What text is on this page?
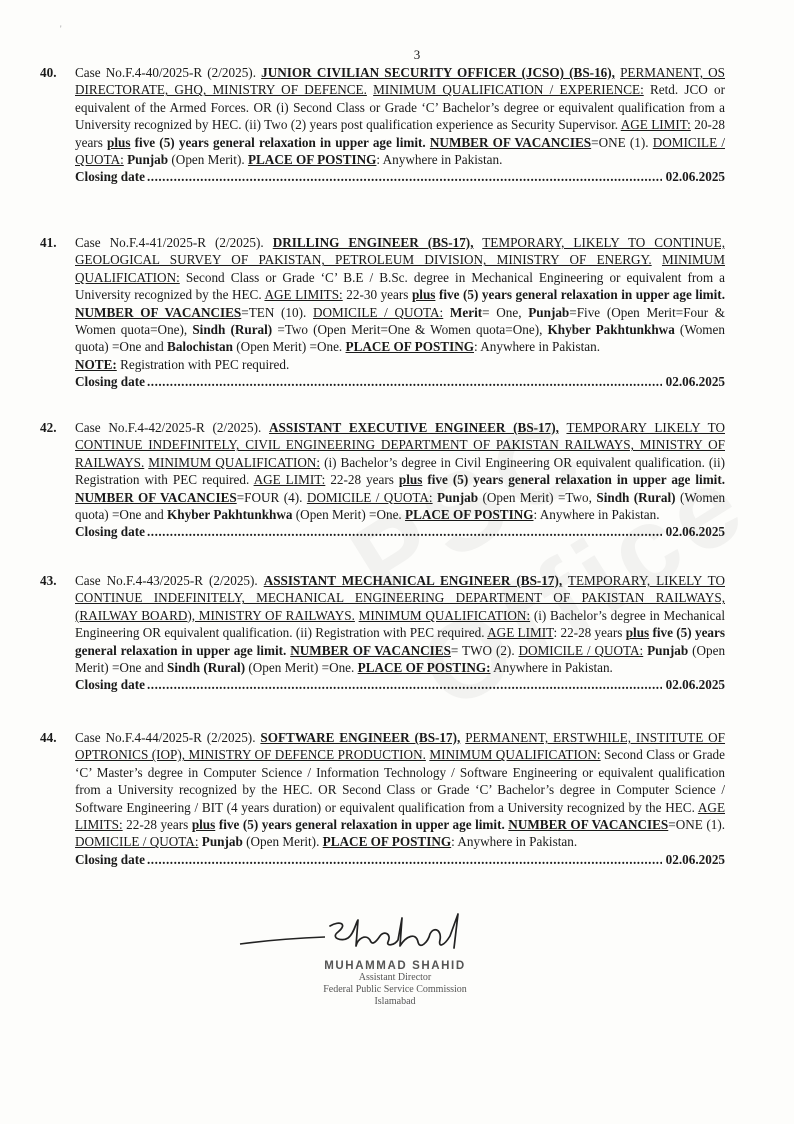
'
3
40.	Case No.F.4-40/2025-R (2/2025). JUNIOR CIVILIAN SECURITY OFFICER (JCSO) (BS-16), PERMANENT, OS DIRECTORATE, GHQ, MINISTRY OF DEFENCE. MINIMUM QUALIFICATION / EXPERIENCE: Retd. JCO or equivalent of the Armed Forces. OR (i) Second Class or Grade ‘C’ Bachelor’s degree or equivalent qualification from a University recognized by HEC. (ii) Two (2) years post qualification experience as Security Supervisor. AGE LIMIT: 20-28 years plus five (5) years general relaxation in upper age limit. NUMBER OF VACANCIES=ONE (1). DOMICILE / QUOTA: Punjab (Open Merit). PLACE OF POSTING: Anywhere in Pakistan.
Closing date .....	02.06.2025
41.	Case No.F.4-41/2025-R (2/2025). DRILLING ENGINEER (BS-17), TEMPORARY, LIKELY TO CONTINUE, GEOLOGICAL SURVEY OF PAKISTAN, PETROLEUM DIVISION, MINISTRY OF ENERGY. MINIMUM QUALIFICATION: Second Class or Grade ‘C’ B.E / B.Sc. degree in Mechanical Engineering or equivalent from a University recognized by the HEC. AGE LIMITS: 22-30 years plus five (5) years general relaxation in upper age limit. NUMBER OF VACANCIES=TEN (10). DOMICILE / QUOTA: Merit= One, Punjab=Five (Open Merit=Four & Women quota=One), Sindh (Rural) =Two (Open Merit=One & Women quota=One), Khyber Pakhtunkhwa (Women quota) =One and Balochistan (Open Merit) =One. PLACE OF POSTING: Anywhere in Pakistan.
NOTE: Registration with PEC required.
Closing date .....	02.06.2025
42.	Case No.F.4-42/2025-R (2/2025). ASSISTANT EXECUTIVE ENGINEER (BS-17), TEMPORARY LIKELY TO CONTINUE INDEFINITELY, CIVIL ENGINEERING DEPARTMENT OF PAKISTAN RAILWAYS, MINISTRY OF RAILWAYS. MINIMUM QUALIFICATION: (i) Bachelor’s degree in Civil Engineering OR equivalent qualification. (ii) Registration with PEC required. AGE LIMIT: 22-28 years plus five (5) years general relaxation in upper age limit. NUMBER OF VACANCIES=FOUR (4). DOMICILE / QUOTA: Punjab (Open Merit) =Two, Sindh (Rural) (Women quota) =One and Khyber Pakhtunkhwa (Open Merit) =One. PLACE OF POSTING: Anywhere in Pakistan.
Closing date .....	02.06.2025
43.	Case No.F.4-43/2025-R (2/2025). ASSISTANT MECHANICAL ENGINEER (BS-17), TEMPORARY, LIKELY TO CONTINUE INDEFINITELY, MECHANICAL ENGINEERING DEPARTMENT OF PAKISTAN RAILWAYS, (RAILWAY BOARD), MINISTRY OF RAILWAYS. MINIMUM QUALIFICATION: (i) Bachelor’s degree in Mechanical Engineering OR equivalent qualification. (ii) Registration with PEC required. AGE LIMIT: 22-28 years plus five (5) years general relaxation in upper age limit. NUMBER OF VACANCIES= TWO (2). DOMICILE / QUOTA: Punjab (Open Merit) =One and Sindh (Rural) (Open Merit) =One. PLACE OF POSTING: Anywhere in Pakistan.
Closing date .....	02.06.2025
44.	Case No.F.4-44/2025-R (2/2025). SOFTWARE ENGINEER (BS-17), PERMANENT, ERSTWHILE, INSTITUTE OF OPTRONICS (IOP), MINISTRY OF DEFENCE PRODUCTION. MINIMUM QUALIFICATION: Second Class or Grade ‘C’ Master’s degree in Computer Science / Information Technology / Software Engineering or equivalent qualification from a University recognized by the HEC. OR Second Class or Grade ‘C’ Bachelor’s degree in Computer Science / Software Engineering / BIT (4 years duration) or equivalent qualification from a University recognized by the HEC. AGE LIMITS: 22-28 years plus five (5) years general relaxation in upper age limit. NUMBER OF VACANCIES=ONE (1). DOMICILE / QUOTA: Punjab (Open Merit). PLACE OF POSTING: Anywhere in Pakistan.
Closing date .....	02.06.2025
MUHAMMAD SHAHID
Assistant Director
Federal Public Service Commission
Islamabad
